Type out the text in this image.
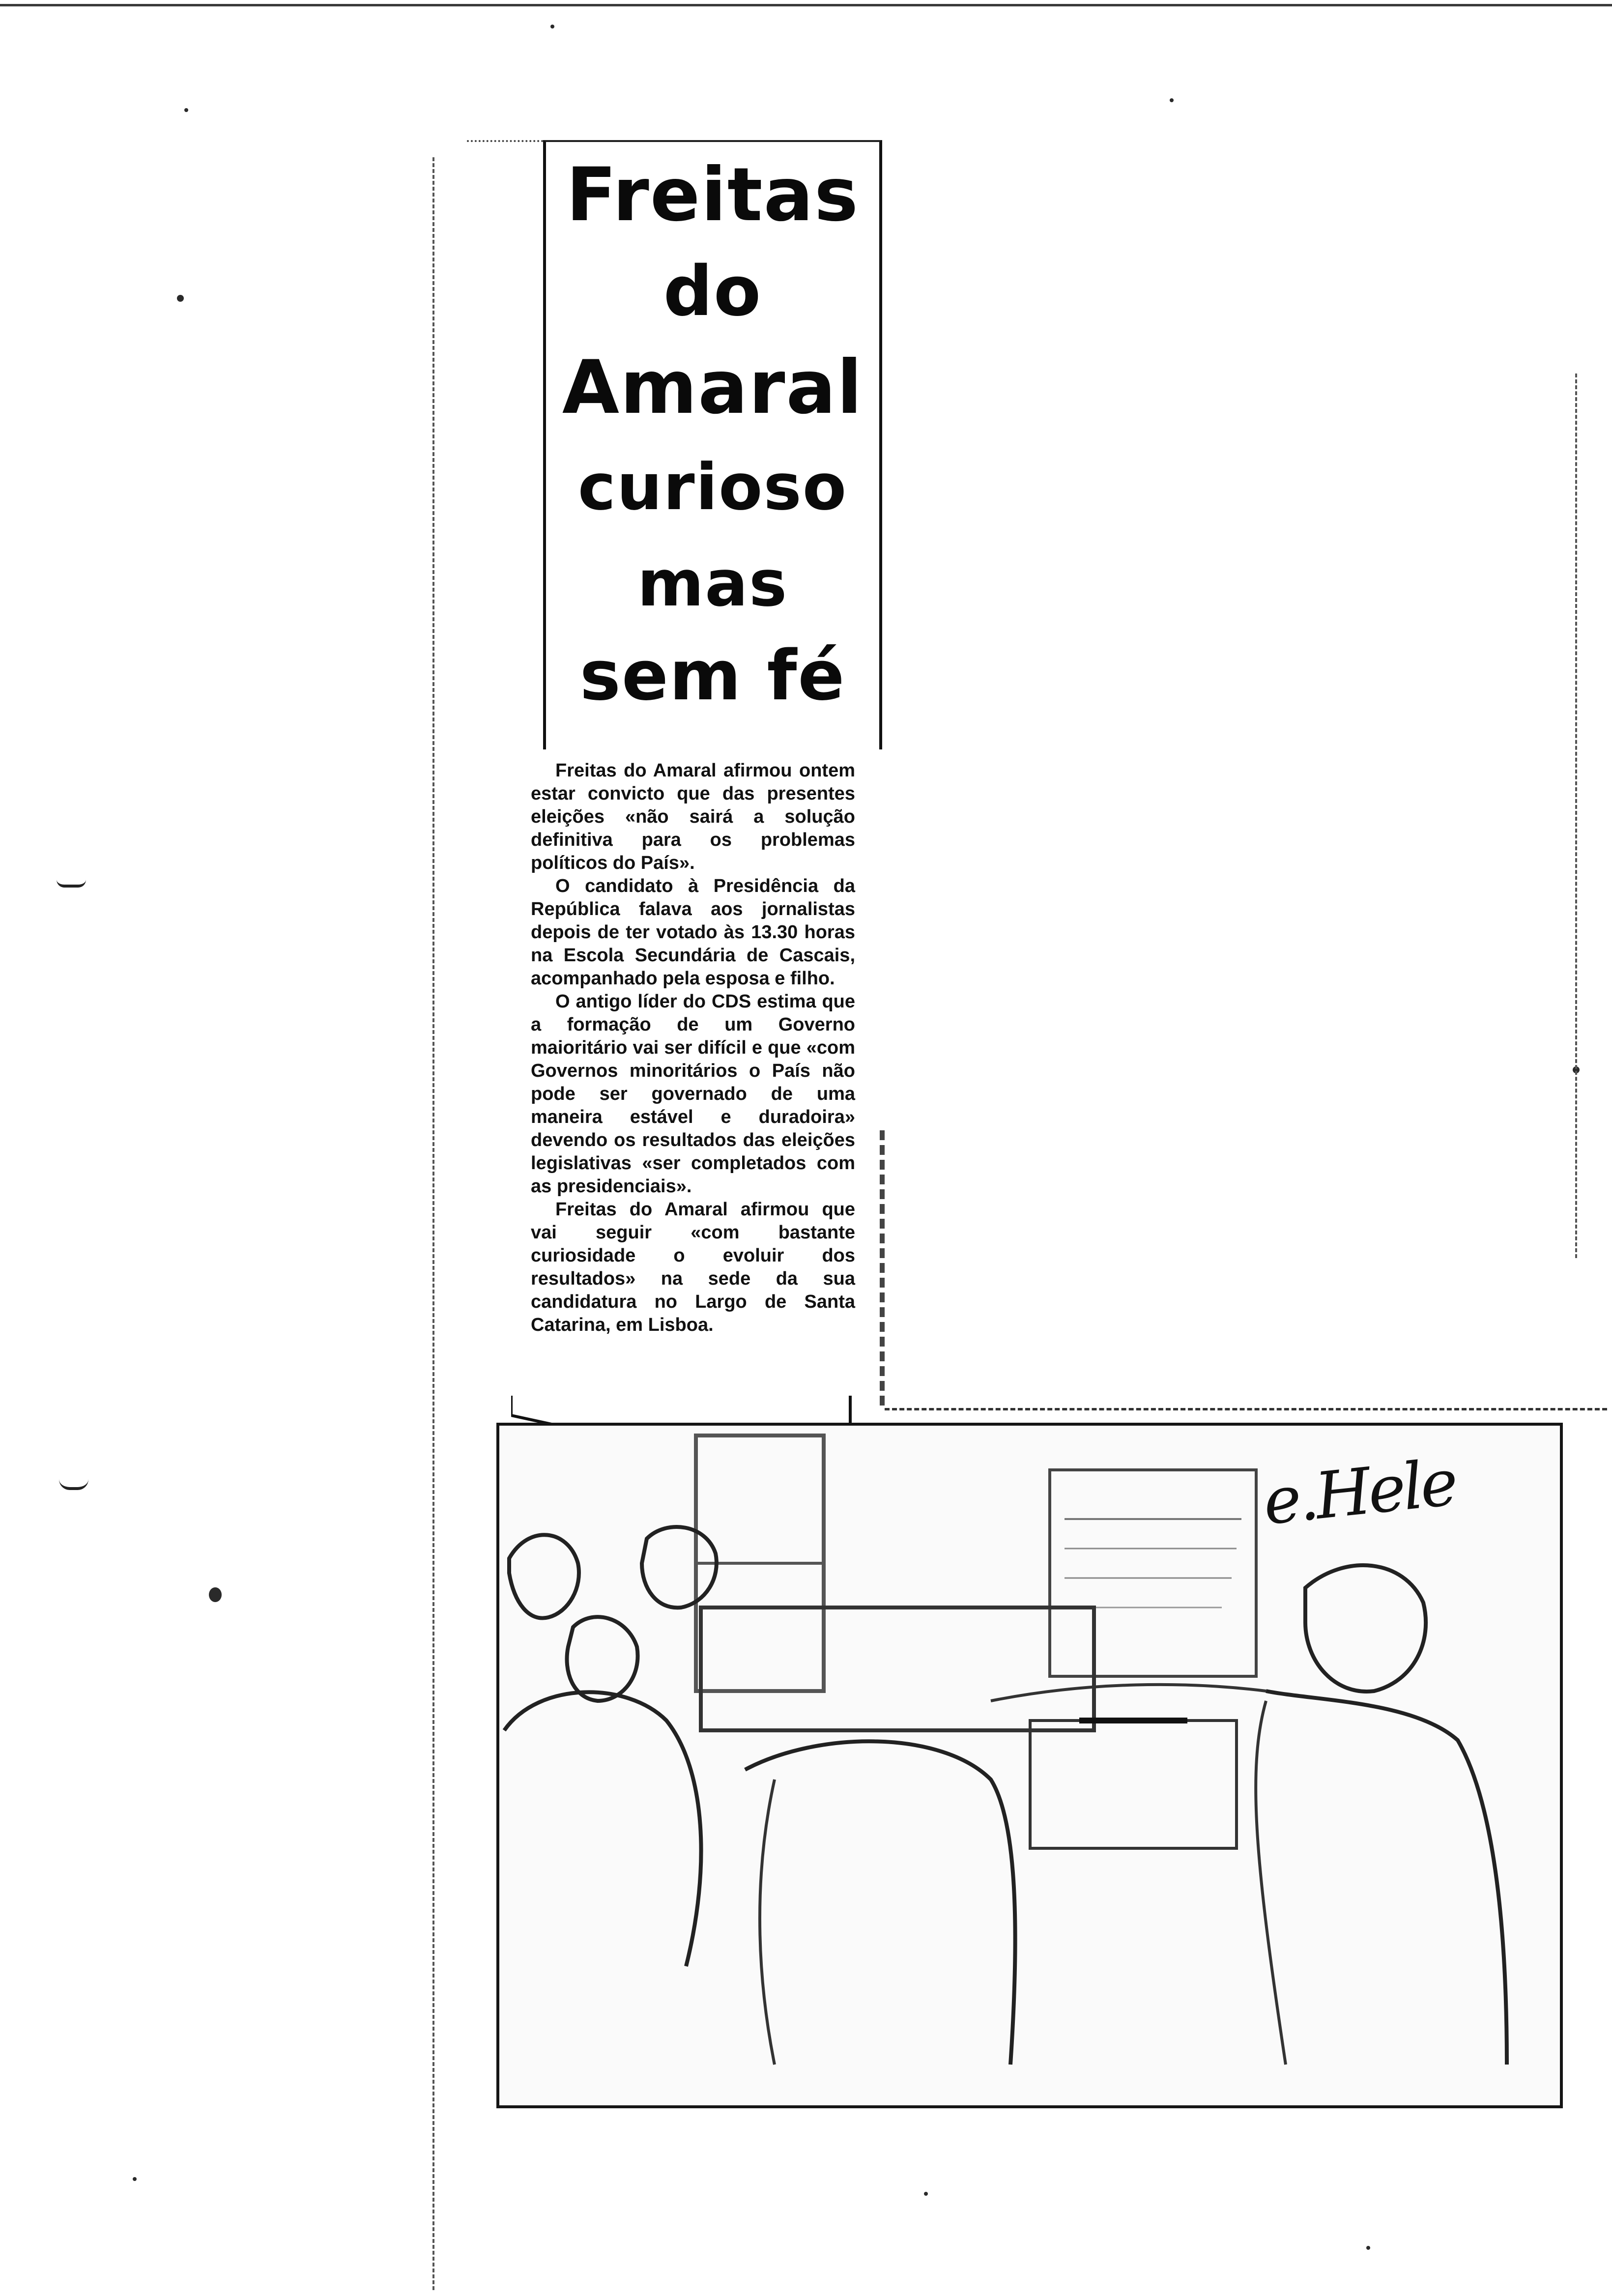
Freitas
do
Amaral
curioso
mas
sem fé

Freitas do Amaral afirmou ontem estar convicto que das presentes eleições «não sairá a solução definitiva para os problemas políticos do País».

O candidato à Presidência da República falava aos jornalistas depois de ter votado às 13.30 horas na Escola Secundária de Cascais, acompanhado pela esposa e filho.

O antigo líder do CDS estima que a formação de um Governo maioritário vai ser difícil e que «com Governos minoritários o País não pode ser governado de uma maneira estável e duradoira» devendo os resultados das eleições legislativas «ser completados com as presidenciais».

Freitas do Amaral afirmou que vai seguir «com bastante curiosidade o evoluir dos resultados» na sede da sua candidatura no Largo de Santa Catarina, em Lisboa.

e.Hele
